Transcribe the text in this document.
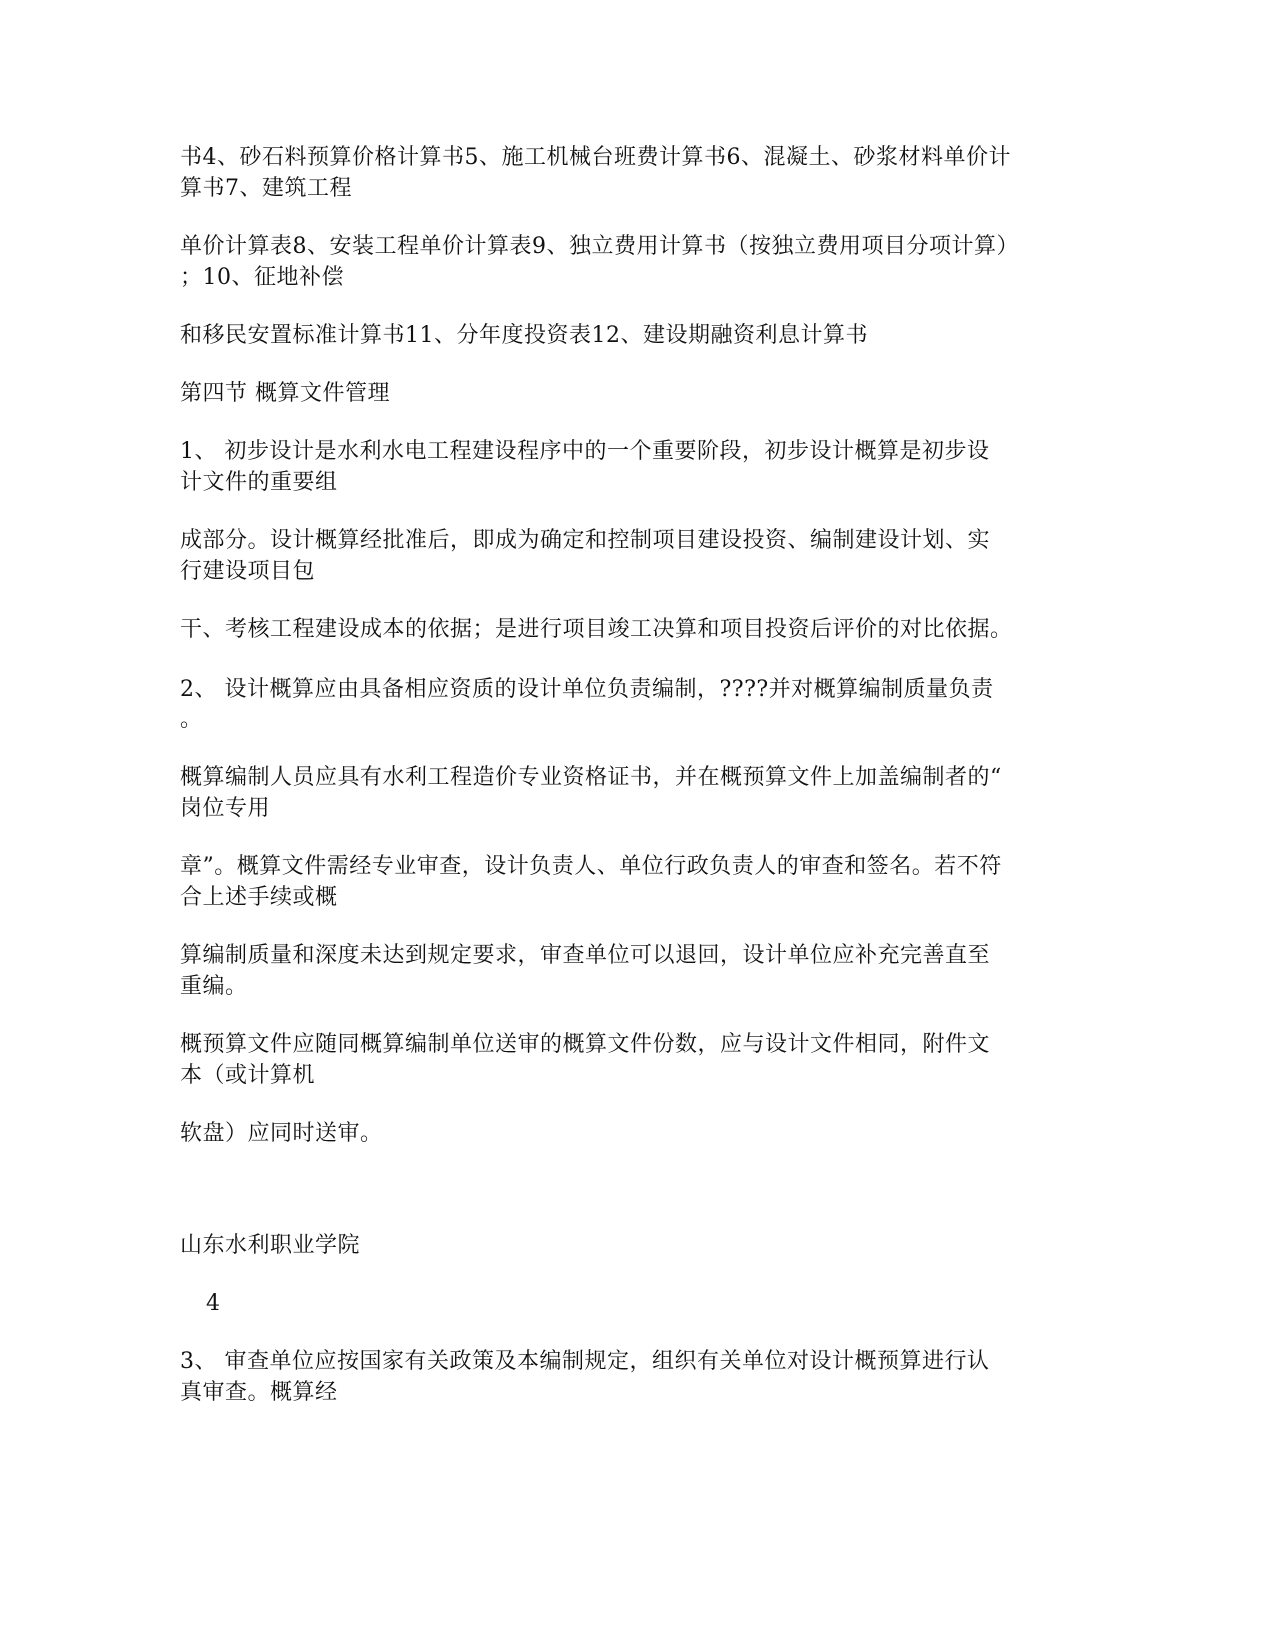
书4、砂石料预算价格计算书5、施工机械台班费计算书6、混凝土、砂浆材料单价计

算书7、建筑工程

单价计算表8、安装工程单价计算表9、独立费用计算书（按独立费用项目分项计算）

；10、征地补偿

和移民安置标准计算书11、分年度投资表12、建设期融资利息计算书

第四节 概算文件管理

1、 初步设计是水利水电工程建设程序中的一个重要阶段，初步设计概算是初步设

计文件的重要组

成部分。设计概算经批准后，即成为确定和控制项目建设投资、编制建设计划、实

行建设项目包

干、考核工程建设成本的依据；是进行项目竣工决算和项目投资后评价的对比依据。

2、 设计概算应由具备相应资质的设计单位负责编制，????并对概算编制质量负责

。

概算编制人员应具有水利工程造价专业资格证书，并在概预算文件上加盖编制者的“

岗位专用

章”。概算文件需经专业审查，设计负责人、单位行政负责人的审查和签名。若不符

合上述手续或概

算编制质量和深度未达到规定要求，审查单位可以退回，设计单位应补充完善直至

重编。

概预算文件应随同概算编制单位送审的概算文件份数，应与设计文件相同，附件文

本（或计算机

软盘）应同时送审。

山东水利职业学院

4

3、 审查单位应按国家有关政策及本编制规定，组织有关单位对设计概预算进行认

真审查。概算经
